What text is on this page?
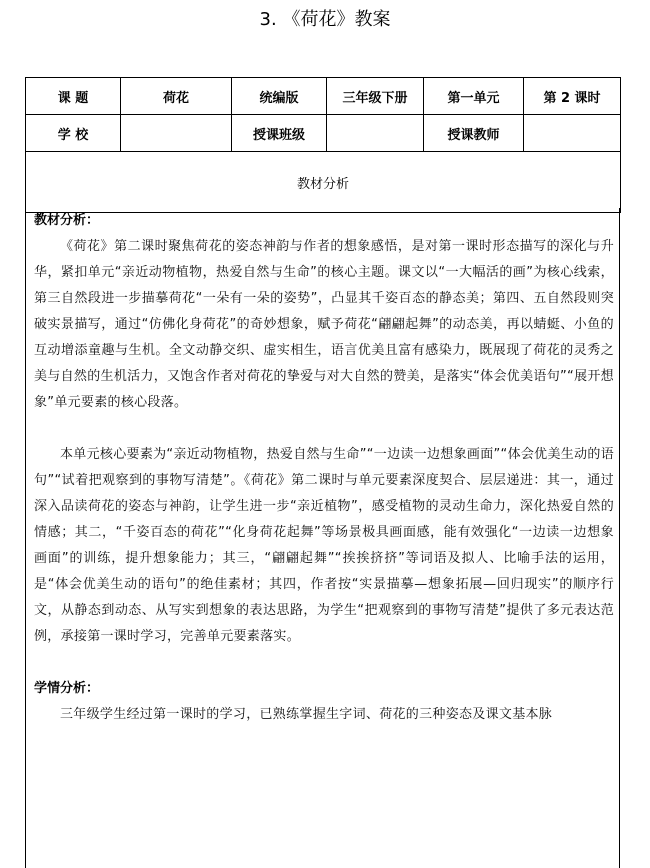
3. 《荷花》教案
课 题	荷花	统编版	三年级下册	第一单元	第 2 课时
学 校		授课班级		授课教师	
教材分析					

教材分析：

《荷花》第二课时聚焦荷花的姿态神韵与作者的想象感悟，是对第一课时形态描写的深化与升华，紧扣单元“亲近动物植物，热爱自然与生命”的核心主题。课文以“一大幅活的画”为核心线索，第三自然段进一步描摹荷花“一朵有一朵的姿势”，凸显其千姿百态的静态美；第四、五自然段则突破实景描写，通过“仿佛化身荷花”的奇妙想象，赋予荷花“翩翩起舞”的动态美，再以蜻蜓、小鱼的互动增添童趣与生机。全文动静交织、虚实相生，语言优美且富有感染力，既展现了荷花的灵秀之美与自然的生机活力，又饱含作者对荷花的挚爱与对大自然的赞美，是落实“体会优美语句”“展开想象”单元要素的核心段落。

本单元核心要素为“亲近动物植物，热爱自然与生命”“一边读一边想象画面”“体会优美生动的语句”“试着把观察到的事物写清楚”。《荷花》第二课时与单元要素深度契合、层层递进：其一，通过深入品读荷花的姿态与神韵，让学生进一步“亲近植物”，感受植物的灵动生命力，深化热爱自然的情感；其二，“千姿百态的荷花”“化身荷花起舞”等场景极具画面感，能有效强化“一边读一边想象画面”的训练，提升想象能力；其三，“翩翩起舞”“挨挨挤挤”等词语及拟人、比喻手法的运用，是“体会优美生动的语句”的绝佳素材；其四，作者按“实景描摹—想象拓展—回归现实”的顺序行文，从静态到动态、从写实到想象的表达思路，为学生“把观察到的事物写清楚”提供了多元表达范例，承接第一课时学习，完善单元要素落实。

学情分析：

三年级学生经过第一课时的学习，已熟练掌握生字词、荷花的三种姿态及课文基本脉
